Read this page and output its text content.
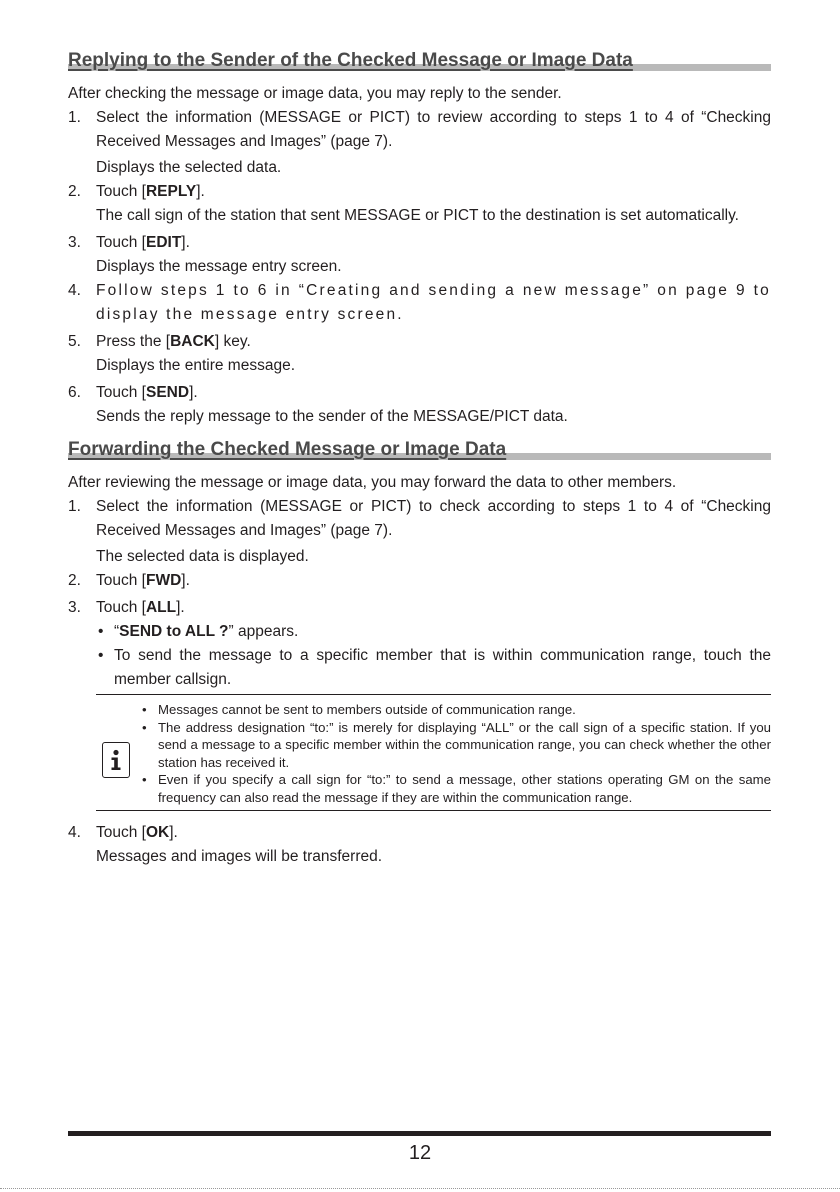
Replying to the Sender of the Checked Message or Image Data

After checking the message or image data, you may reply to the sender.

1. Select the information (MESSAGE or PICT) to review according to steps 1 to 4 of “Checking Received Messages and Images” (page 7).
Displays the selected data.
2. Touch [REPLY].
The call sign of the station that sent MESSAGE or PICT to the destination is set automatically.
3. Touch [EDIT].
Displays the message entry screen.
4. Follow steps 1 to 6 in “Creating and sending a new message” on page 9 to display the message entry screen.
5. Press the [BACK] key.
Displays the entire message.
6. Touch [SEND].
Sends the reply message to the sender of the MESSAGE/PICT data.
Forwarding the Checked Message or Image Data

After reviewing the message or image data, you may forward the data to other members.

1. Select the information (MESSAGE or PICT) to check according to steps 1 to 4 of “Checking Received Messages and Images” (page 7).
The selected data is displayed.
2. Touch [FWD].
3. Touch [ALL].
• “SEND to ALL ?” appears.
• To send the message to a specific member that is within communication range, touch the member callsign.
• Messages cannot be sent to members outside of communication range.
• The address designation “to:” is merely for displaying “ALL” or the call sign of a specific station. If you send a message to a specific member within the communication range, you can check whether the other station has received it.
• Even if you specify a call sign for “to:” to send a message, other stations operating GM on the same frequency can also read the message if they are within the communication range.
4. Touch [OK].
Messages and images will be transferred.
12
